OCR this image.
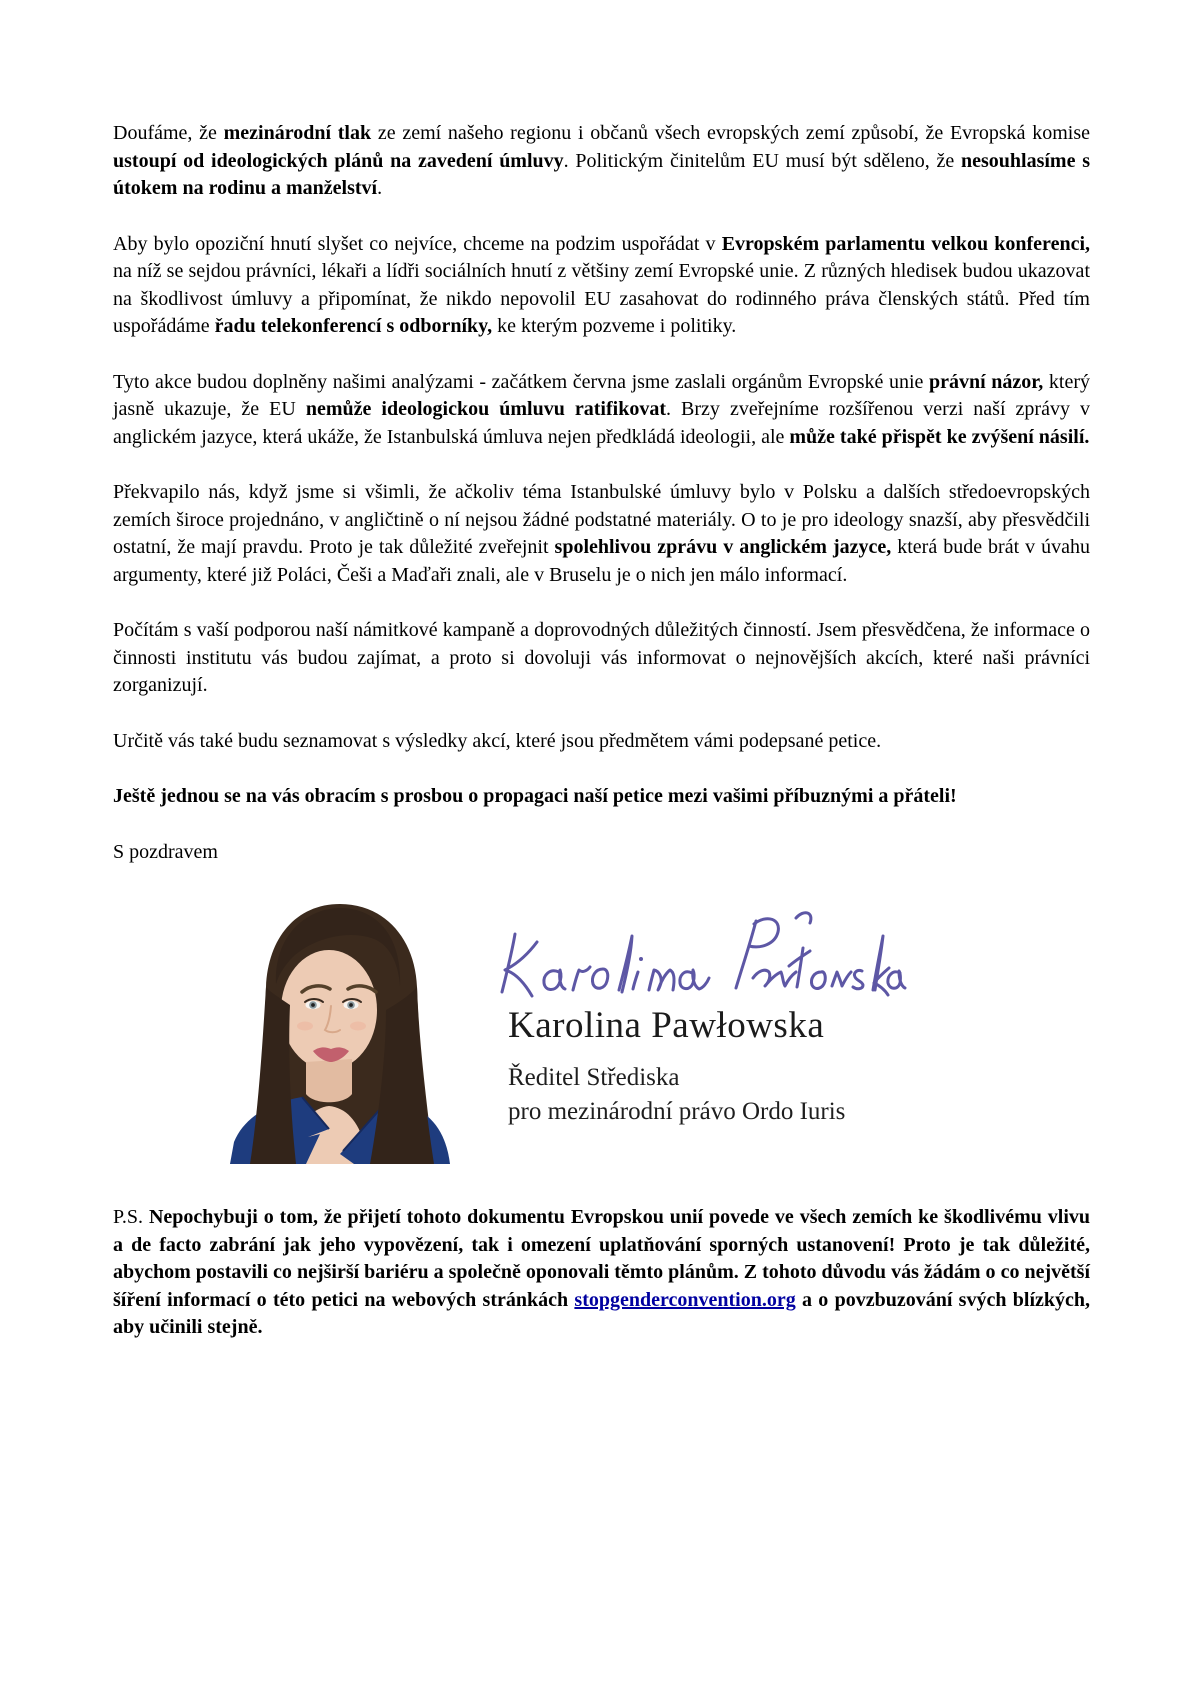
Doufáme, že mezinárodní tlak ze zemí našeho regionu i občanů všech evropských zemí způsobí, že Evropská komise ustoupí od ideologických plánů na zavedení úmluvy. Politickým činitelům EU musí být sděleno, že nesouhlasíme s útokem na rodinu a manželství.

Aby bylo opoziční hnutí slyšet co nejvíce, chceme na podzim uspořádat v Evropském parlamentu velkou konferenci, na níž se sejdou právníci, lékaři a lídři sociálních hnutí z většiny zemí Evropské unie. Z různých hledisek budou ukazovat na škodlivost úmluvy a připomínat, že nikdo nepovolil EU zasahovat do rodinného práva členských států. Před tím uspořádáme řadu telekonferencí s odborníky, ke kterým pozveme i politiky.

Tyto akce budou doplněny našimi analýzami - začátkem června jsme zaslali orgánům Evropské unie právní názor, který jasně ukazuje, že EU nemůže ideologickou úmluvu ratifikovat. Brzy zveřejníme rozšířenou verzi naší zprávy v anglickém jazyce, která ukáže, že Istanbulská úmluva nejen předkládá ideologii, ale může také přispět ke zvýšení násilí.

Překvapilo nás, když jsme si všimli, že ačkoliv téma Istanbulské úmluvy bylo v Polsku a dalších středoevropských zemích široce projednáno, v angličtině o ní nejsou žádné podstatné materiály. O to je pro ideology snazší, aby přesvědčili ostatní, že mají pravdu. Proto je tak důležité zveřejnit spolehlivou zprávu v anglickém jazyce, která bude brát v úvahu argumenty, které již Poláci, Češi a Maďaři znali, ale v Bruselu je o nich jen málo informací.

Počítám s vaší podporou naší námitkové kampaně a doprovodných důležitých činností. Jsem přesvědčena, že informace o činnosti institutu vás budou zajímat, a proto si dovoluji vás informovat o nejnovějších akcích, které naši právníci zorganizují.

Určitě vás také budu seznamovat s výsledky akcí, které jsou předmětem vámi podepsané petice.

Ještě jednou se na vás obracím s prosbou o propagaci naší petice mezi vašimi příbuznými a přáteli!

S pozdravem
Karolina Pawłowska
Ředitel Střediska
pro mezinárodní právo Ordo Iuris

P.S. Nepochybuji o tom, že přijetí tohoto dokumentu Evropskou unií povede ve všech zemích ke škodlivému vlivu a de facto zabrání jak jeho vypovězení, tak i omezení uplatňování sporných ustanovení! Proto je tak důležité, abychom postavili co nejširší bariéru a společně oponovali těmto plánům. Z tohoto důvodu vás žádám o co největší šíření informací o této petici na webových stránkách stopgenderconvention.org a o povzbuzování svých blízkých, aby učinili stejně.
